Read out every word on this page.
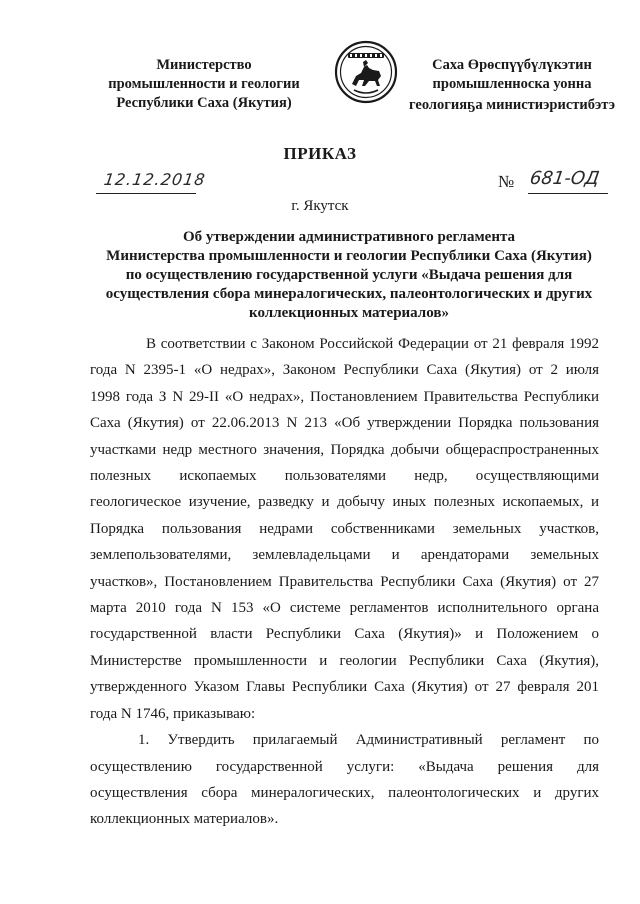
Министерство
промышленности и геологии
Республики Саха (Якутия)
Саха Өрөспүүбүлүкэтин
промышленноска уонна
геологияҕа министиэристибэтэ
ПРИКАЗ
12.12.2018	№ 681-ОД
г. Якутск
Об утверждении административного регламента
Министерства промышленности и геологии Республики Саха (Якутия)
по осуществлению государственной услуги «Выдача решения для
осуществления сбора минералогических, палеонтологических и других
коллекционных материалов»
В соответствии с Законом Российской Федерации от 21 февраля 1992
года N 2395-1 «О недрах», Законом Республики Саха (Якутия) от 2 июля
1998 года З N 29-II «О недрах», Постановлением Правительства Республики
Саха (Якутия) от 22.06.2013 N 213 «Об утверждении Порядка пользования
участками недр местного значения, Порядка добычи общераспространенных
полезных ископаемых пользователями недр, осуществляющими
геологическое изучение, разведку и добычу иных полезных ископаемых, и
Порядка пользования недрами собственниками земельных участков,
землепользователями, землевладельцами и арендаторами земельных
участков», Постановлением Правительства Республики Саха (Якутия) от 27
марта 2010 года N 153 «О системе регламентов исполнительного органа
государственной власти Республики Саха (Якутия)» и Положением о
Министерстве промышленности и геологии Республики Саха (Якутия),
утвержденного Указом Главы Республики Саха (Якутия) от 27 февраля 201
года N 1746, приказываю:
1. Утвердить прилагаемый Административный регламент по
осуществлению государственной услуги: «Выдача решения для
осуществления сбора минералогических, палеонтологических и других
коллекционных материалов».
